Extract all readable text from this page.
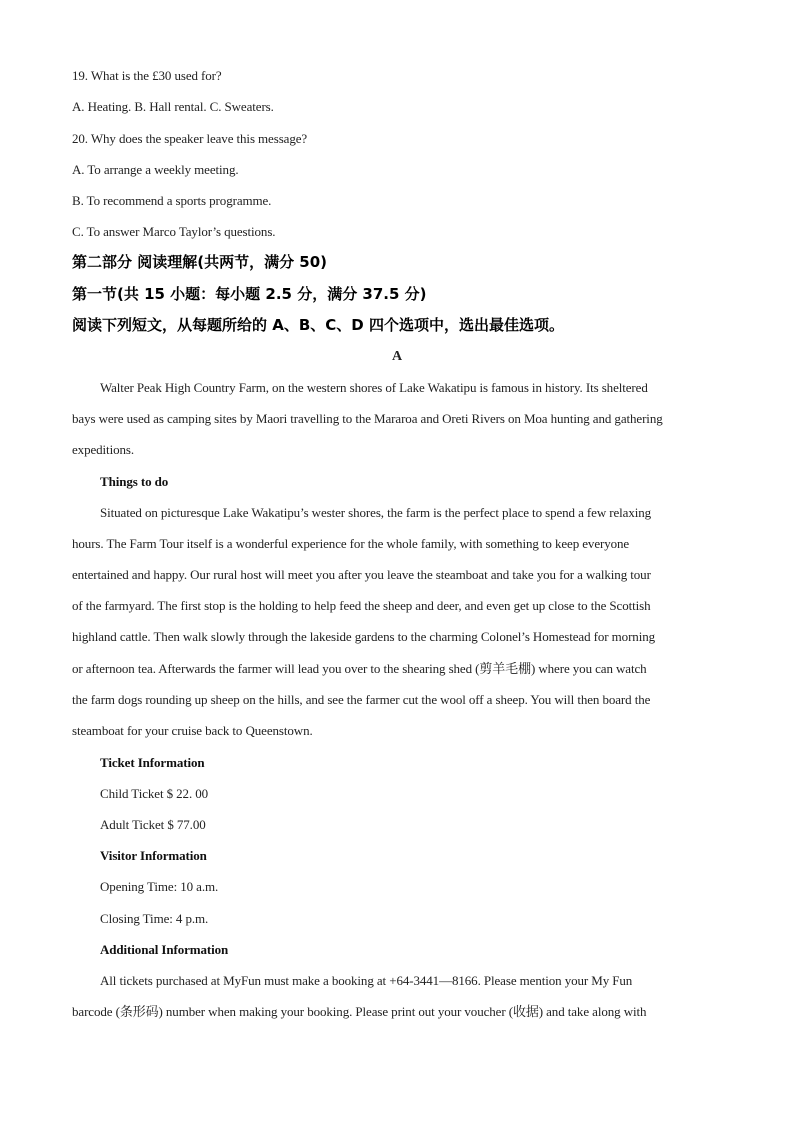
19. What is the £30 used for?
A. Heating. B. Hall rental. C. Sweaters.
20. Why does the speaker leave this message?
A. To arrange a weekly meeting.
B. To recommend a sports programme.
C. To answer Marco Taylor’s questions.
第二部分 阅读理解(共两节，满分 50)
第一节(共 15 小题：每小题 2.5 分，满分 37.5 分)
阅读下列短文，从每题所给的 A、B、C、D 四个选项中，选出最佳选项。
A
Walter Peak High Country Farm, on the western shores of Lake Wakatipu is famous in history. Its sheltered
bays were used as camping sites by Maori travelling to the Mararoa and Oreti Rivers on Moa hunting and gathering
expeditions.
Things to do
Situated on picturesque Lake Wakatipu’s wester shores, the farm is the perfect place to spend a few relaxing
hours. The Farm Tour itself is a wonderful experience for the whole family, with something to keep everyone
entertained and happy. Our rural host will meet you after you leave the steamboat and take you for a walking tour
of the farmyard. The first stop is the holding to help feed the sheep and deer, and even get up close to the Scottish
highland cattle. Then walk slowly through the lakeside gardens to the charming Colonel’s Homestead for morning
or afternoon tea. Afterwards the farmer will lead you over to the shearing shed (剪羊毛棚) where you can watch
the farm dogs rounding up sheep on the hills, and see the farmer cut the wool off a sheep. You will then board the
steamboat for your cruise back to Queenstown.
Ticket Information
Child Ticket $ 22. 00
Adult Ticket $ 77.00
Visitor Information
Opening Time: 10 a.m.
Closing Time: 4 p.m.
Additional Information
All tickets purchased at MyFun must make a booking at +64-3441—8166. Please mention your My Fun
barcode (条形码) number when making your booking. Please print out your voucher (收据) and take along with
